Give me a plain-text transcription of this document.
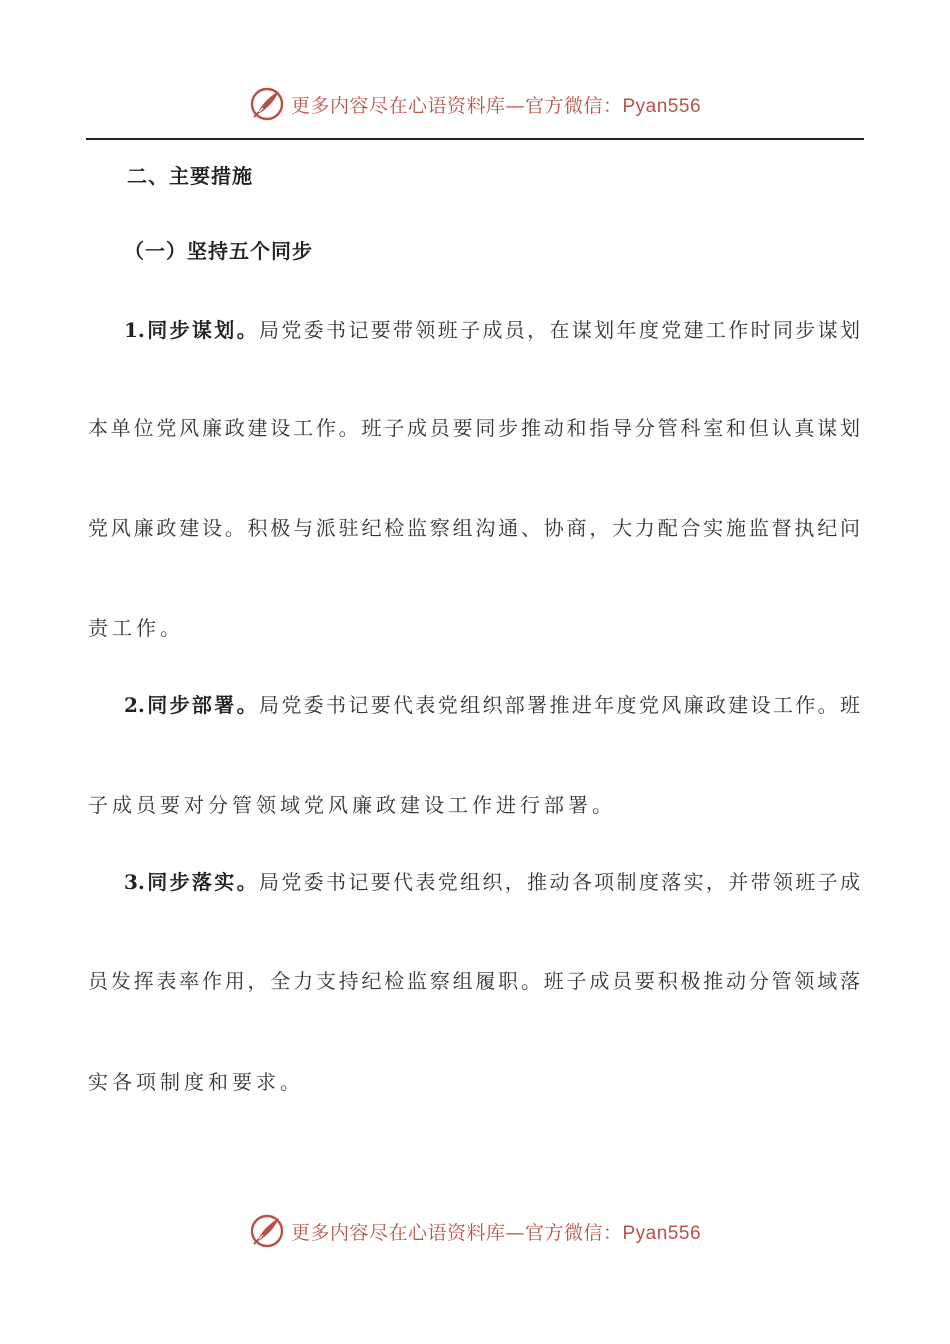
更多内容尽在心语资料库—官方微信：Pyan556
二、主要措施
（一）坚持五个同步
1.同步谋划。局党委书记要带领班子成员，在谋划年度党建工作时同步谋划
本单位党风廉政建设工作。班子成员要同步推动和指导分管科室和但认真谋划
党风廉政建设。积极与派驻纪检监察组沟通、协商，大力配合实施监督执纪问
责工作。
2.同步部署。局党委书记要代表党组织部署推进年度党风廉政建设工作。班
子成员要对分管领域党风廉政建设工作进行部署。
3.同步落实。局党委书记要代表党组织，推动各项制度落实，并带领班子成
员发挥表率作用，全力支持纪检监察组履职。班子成员要积极推动分管领域落
实各项制度和要求。
更多内容尽在心语资料库—官方微信：Pyan556
